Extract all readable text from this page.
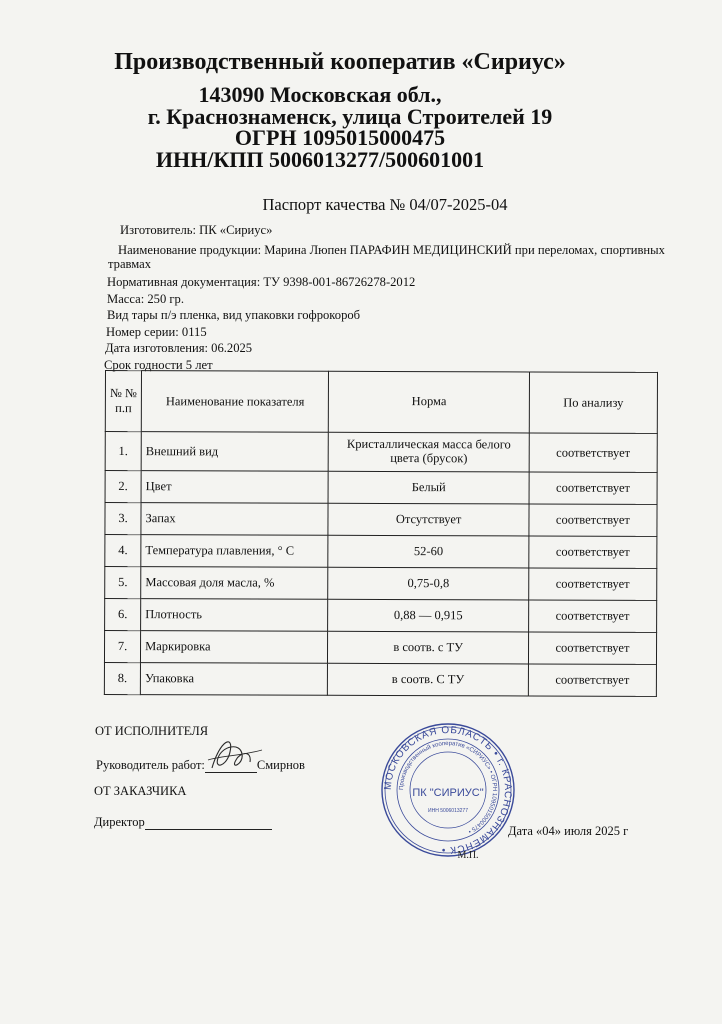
Производственный кооператив «Сириус»
143090 Московская обл.,
г. Краснознаменск, улица Строителей 19
ОГРН 1095015000475
ИНН/КПП 5006013277/500601001
Паспорт качества № 04/07-2025-04
Изготовитель: ПК «Сириус»
Наименование продукции: Марина Люпен ПАРАФИН МЕДИЦИНСКИЙ при переломах, спортивных
травмах
Нормативная документация: ТУ 9398-001-86726278-2012
Масса: 250 гр.
Вид тары п/э пленка, вид упаковки гофрокороб
Номер серии: 0115
Дата изготовления: 06.2025
Срок годности 5 лет
№ № п.п	Наименование показателя	Норма	По анализу
1.	Внешний вид	Кристаллическая масса белого цвета (брусок)	соответствует
2.	Цвет	Белый	соответствует
3.	Запах	Отсутствует	соответствует
4.	Температура плавления, ° С	52-60	соответствует
5.	Массовая доля масла, %	0,75-0,8	соответствует
6.	Плотность	0,88 — 0,915	соответствует
7.	Маркировка	в соотв. с ТУ	соответствует
8.	Упаковка	в соотв. С ТУ	соответствует
ОТ ИСПОЛНИТЕЛЯ
Руководитель работ:	Смирнов
ОТ ЗАКАЗЧИКА
Директор
Дата «04» июля 2025 г
МОСКОВСКАЯ ОБЛАСТЬ • г. КРАСНОЗНАМЕНСК •
Производственный кооператив «СИРИУС» • ОГРН 1095015000475 •
ПК "СИРИУС"
ИНН 5006013277
М.П.
